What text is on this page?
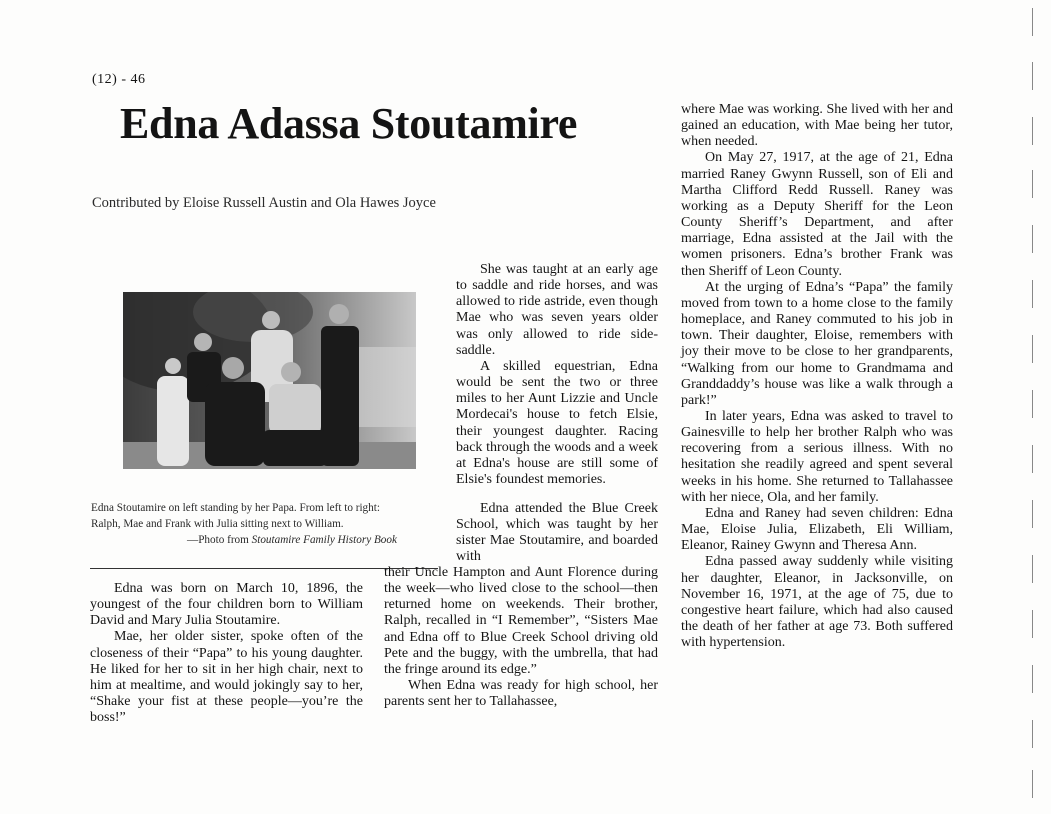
(12) - 46
Edna Adassa Stoutamire
Contributed by Eloise Russell Austin and Ola Hawes Joyce
Edna Stoutamire on left standing by her Papa. From left to right:
Ralph, Mae and Frank with Julia sitting next to William.

—Photo from Stoutamire Family History Book

Edna was born on March 10, 1896, the youngest of the four children born to William David and Mary Julia Stoutamire.

Mae, her older sister, spoke often of the closeness of their “Papa” to his young daughter. He liked for her to sit in her high chair, next to him at mealtime, and would jokingly say to her, “Shake your fist at these people—you’re the boss!”

She was taught at an early age to saddle and ride horses, and was allowed to ride astride, even though Mae who was seven years older was only allowed to ride side-saddle.

A skilled equestrian, Edna would be sent the two or three miles to her Aunt Lizzie and Uncle Mordecai's house to fetch Elsie, their youngest daughter. Racing back through the woods and a week at Edna's house are still some of Elsie's foundest memories.

Edna attended the Blue Creek School, which was taught by her sister Mae Stoutamire, and boarded with

their Uncle Hampton and Aunt Florence during the week—who lived close to the school—then returned home on weekends. Their brother, Ralph, recalled in “I Remember”, “Sisters Mae and Edna off to Blue Creek School driving old Pete and the buggy, with the umbrella, that had the fringe around its edge.”

When Edna was ready for high school, her parents sent her to Tallahassee,

where Mae was working. She lived with her and gained an education, with Mae being her tutor, when needed.

On May 27, 1917, at the age of 21, Edna married Raney Gwynn Russell, son of Eli and Martha Clifford Redd Russell. Raney was working as a Deputy Sheriff for the Leon County Sheriff’s Department, and after marriage, Edna assisted at the Jail with the women prisoners. Edna’s brother Frank was then Sheriff of Leon County.

At the urging of Edna’s “Papa” the family moved from town to a home close to the family homeplace, and Raney commuted to his job in town. Their daughter, Eloise, remembers with joy their move to be close to her grandparents, “Walking from our home to Grandmama and Granddaddy’s house was like a walk through a park!”

In later years, Edna was asked to travel to Gainesville to help her brother Ralph who was recovering from a serious illness. With no hesitation she readily agreed and spent several weeks in his home. She returned to Tallahassee with her niece, Ola, and her family.

Edna and Raney had seven children: Edna Mae, Eloise Julia, Elizabeth, Eli William, Eleanor, Rainey Gwynn and Theresa Ann.

Edna passed away suddenly while visiting her daughter, Eleanor, in Jacksonville, on November 16, 1971, at the age of 75, due to congestive heart failure, which had also caused the death of her father at age 73. Both suffered with hypertension.
